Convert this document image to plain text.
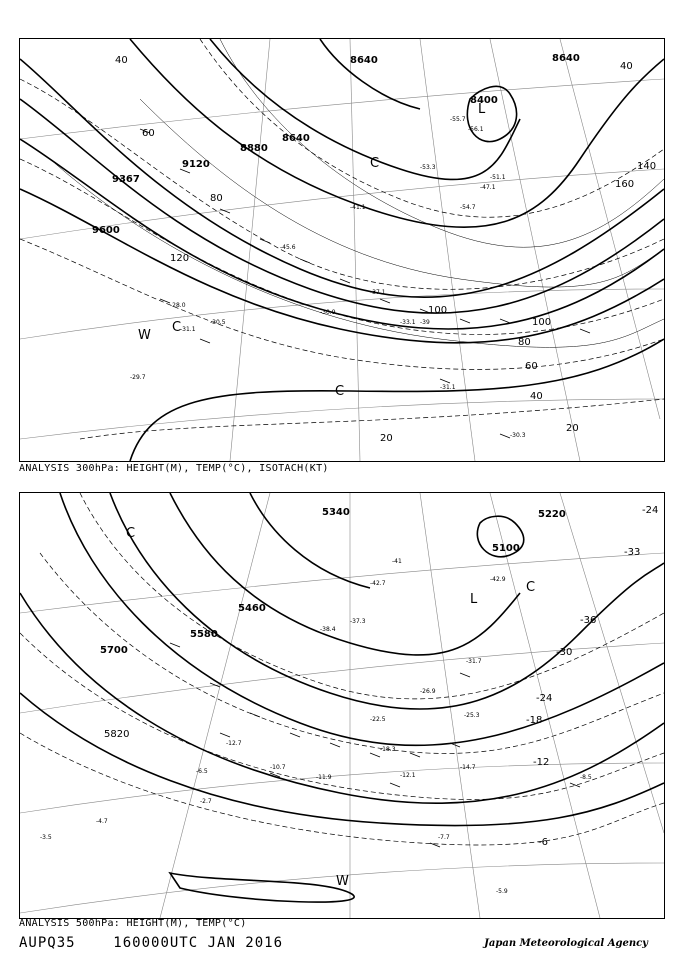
8640	8640
8400
8640
8880
9120
9367
9600
40
60
80
100
120
140
160
100
80
60
40
20
20
40
L
C
C
C
W
-51.1
-54.7
-56.1
-55.7
-53.3
-47.1
-45.6
-39
-37.1
-33.1
-30.9
-31.1
-30.3
-28.0
-30.5
-29.7
-31.1
-41.1
ANALYSIS 300hPa: HEIGHT(M), TEMP(°C), ISOTACH(KT)
5340	5220
5100
5460
5580
5700
5820
-24
-33
-36
-30
-24
-18
-12
-6
L
C
C
W
-42.9
-42.7
-41
-38.4
-37.3
-31.7
-26.9
-25.3
-22.5
-18.3
-14.7
-12.1	-8.5
-7.7
-5.9
-11.9
-12.7
-10.7
-4.7
-6.5
-3.5
-2.7
ANALYSIS 500hPa: HEIGHT(M), TEMP(°C)
AUPQ35	160000UTC JAN 2016	Japan Meteorological Agency
